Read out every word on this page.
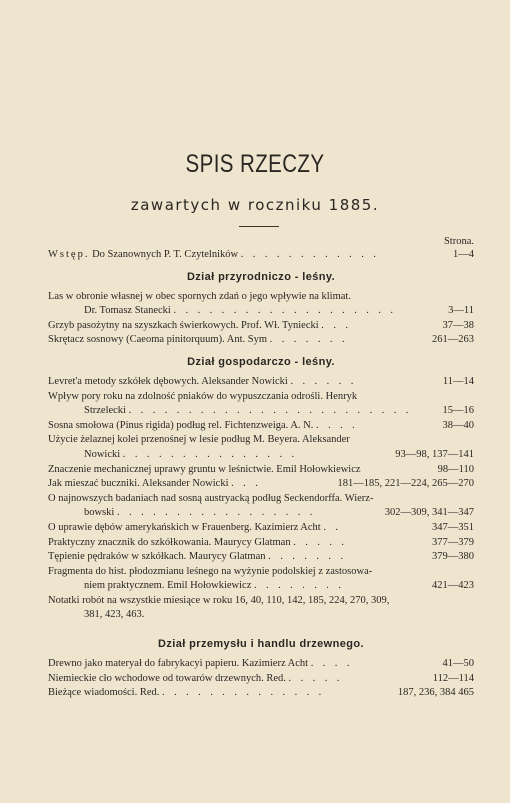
SPIS RZECZY
zawartych w roczniku 1885.
Strona.
Wstęp. Do Szanownych P. T. Czytelników . . . . . . . . . . . .	1—4
Dział przyrodniczo - leśny.
Las w obronie własnej w obec spornych zdań o jego wpływie na klimat.
Dr. Tomasz Stanecki . . . . . . . . . . . . . . . . . . .	3—11
Grzyb pasożytny na szyszkach świerkowych. Prof. Wł. Tyniecki . . .	37—38
Skrętacz sosnowy (Caeoma pinitorquum). Ant. Sym . . . . . . .	261—263
Dział gospodarczo - leśny.
Levret'a metody szkółek dębowych. Aleksander Nowicki . . . . . .	11—14
Wpływ pory roku na zdolność pniaków do wypuszczania odrośli. Henryk
Strzelecki . . . . . . . . . . . . . . . . . . . . . . . .	15—16
Sosna smołowa (Pinus rigida) podług rel. Fichtenzweiga. A. N. . . . .	38—40
Użycie żelaznej kolei przenośnej w lesie podług M. Beyera. Aleksander
Nowicki . . . . . . . . . . . . . . .	93—98, 137—141
Znaczenie mechanicznej uprawy gruntu w leśnictwie. Emil Hołowkiewicz	98—110
Jak mieszać buczniki. Aleksander Nowicki . . .	181—185, 221—224, 265—270
O najnowszych badaniach nad sosną austryacką podług Seckendorffa. Wierz-
bowski . . . . . . . . . . . . . . . . .	302—309, 341—347
O uprawie dębów amerykańskich w Frauenberg. Kazimierz Acht . .	347—351
Praktyczny znacznik do szkółkowania. Maurycy Glatman . . . . .	377—379
Tępienie pędraków w szkółkach. Maurycy Glatman . . . . . . .	379—380
Fragmenta do hist. płodozmianu leśnego na wyżynie podolskiej z zastosowa-
niem praktycznem. Emil Hołowkiewicz . . . . . . . .	421—423
Notatki robót na wszystkie miesiące w roku 16, 40, 110, 142, 185, 224, 270, 309,
381, 423, 463.
Dział przemysłu i handlu drzewnego.
Drewno jako materyał do fabrykacyi papieru. Kazimierz Acht . . . .	41—50
Niemieckie cło wchodowe od towarów drzewnych. Red. . . . . .	112—114
Bieżące wiadomości. Red. . . . . . . . . . . . . . .	187, 236, 384 465
